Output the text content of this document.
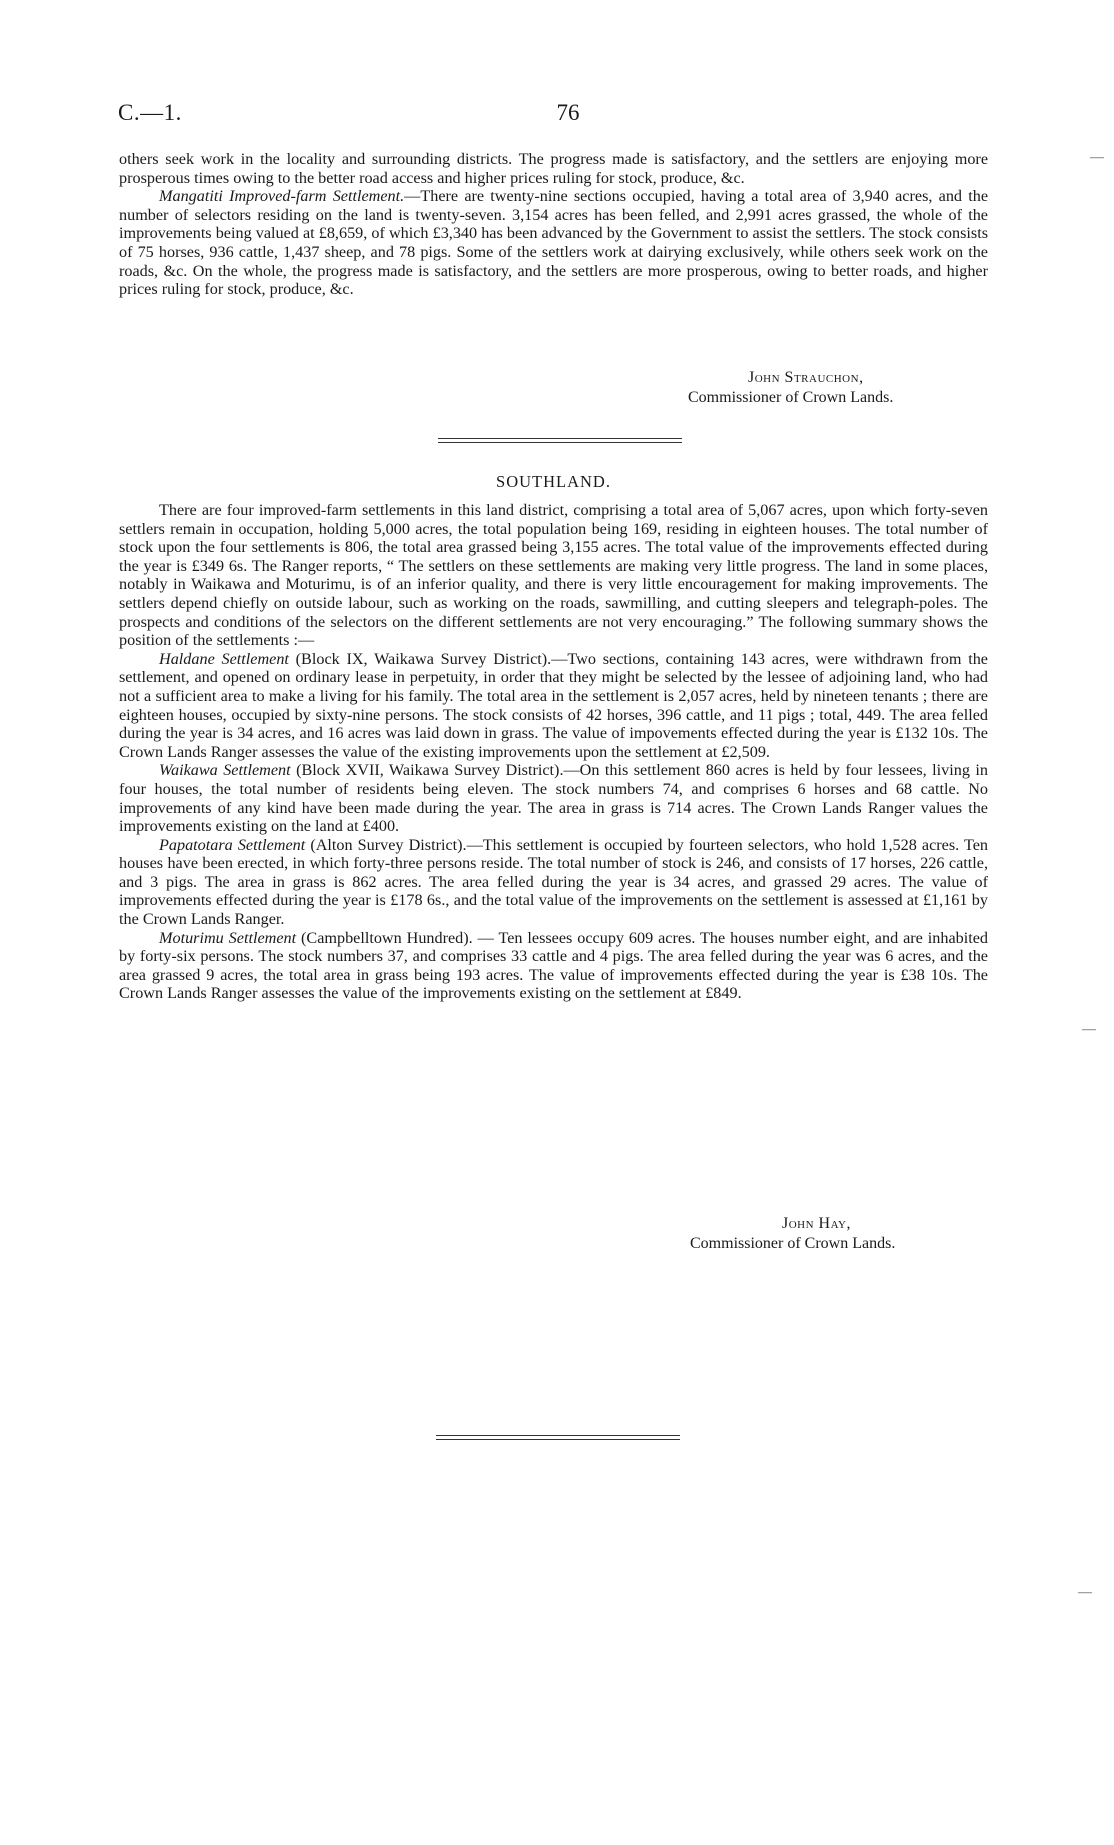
C.—1.	76

others seek work in the locality and surrounding districts. The progress made is satisfactory, and the settlers are enjoying more prosperous times owing to the better road access and higher prices ruling for stock, produce, &c.

Mangatiti Improved-farm Settlement.—There are twenty-nine sections occupied, having a total area of 3,940 acres, and the number of selectors residing on the land is twenty-seven. 3,154 acres has been felled, and 2,991 acres grassed, the whole of the improvements being valued at £8,659, of which £3,340 has been advanced by the Government to assist the settlers. The stock consists of 75 horses, 936 cattle, 1,437 sheep, and 78 pigs. Some of the settlers work at dairying exclusively, while others seek work on the roads, &c. On the whole, the progress made is satisfactory, and the settlers are more prosperous, owing to better roads, and higher prices ruling for stock, produce, &c.

John Strauchon,
Commissioner of Crown Lands.
SOUTHLAND.

There are four improved-farm settlements in this land district, comprising a total area of 5,067 acres, upon which forty-seven settlers remain in occupation, holding 5,000 acres, the total population being 169, residing in eighteen houses. The total number of stock upon the four settlements is 806, the total area grassed being 3,155 acres. The total value of the improvements effected during the year is £349 6s. The Ranger reports, “ The settlers on these settlements are making very little progress. The land in some places, notably in Waikawa and Moturimu, is of an inferior quality, and there is very little encouragement for making improvements. The settlers depend chiefly on outside labour, such as working on the roads, sawmilling, and cutting sleepers and telegraph-poles. The prospects and conditions of the selectors on the different settlements are not very encouraging.” The following summary shows the position of the settlements :—

Haldane Settlement (Block IX, Waikawa Survey District).—Two sections, containing 143 acres, were withdrawn from the settlement, and opened on ordinary lease in perpetuity, in order that they might be selected by the lessee of adjoining land, who had not a sufficient area to make a living for his family. The total area in the settlement is 2,057 acres, held by nineteen tenants ; there are eighteen houses, occupied by sixty-nine persons. The stock consists of 42 horses, 396 cattle, and 11 pigs ; total, 449. The area felled during the year is 34 acres, and 16 acres was laid down in grass. The value of impovements effected during the year is £132 10s. The Crown Lands Ranger assesses the value of the existing improvements upon the settlement at £2,509.

Waikawa Settlement (Block XVII, Waikawa Survey District).—On this settlement 860 acres is held by four lessees, living in four houses, the total number of residents being eleven. The stock numbers 74, and comprises 6 horses and 68 cattle. No improvements of any kind have been made during the year. The area in grass is 714 acres. The Crown Lands Ranger values the improvements existing on the land at £400.

Papatotara Settlement (Alton Survey District).—This settlement is occupied by fourteen selectors, who hold 1,528 acres. Ten houses have been erected, in which forty-three persons reside. The total number of stock is 246, and consists of 17 horses, 226 cattle, and 3 pigs. The area in grass is 862 acres. The area felled during the year is 34 acres, and grassed 29 acres. The value of improvements effected during the year is £178 6s., and the total value of the improvements on the settlement is assessed at £1,161 by the Crown Lands Ranger.

Moturimu Settlement (Campbelltown Hundred). — Ten lessees occupy 609 acres. The houses number eight, and are inhabited by forty-six persons. The stock numbers 37, and comprises 33 cattle and 4 pigs. The area felled during the year was 6 acres, and the area grassed 9 acres, the total area in grass being 193 acres. The value of improvements effected during the year is £38 10s. The Crown Lands Ranger assesses the value of the improvements existing on the settlement at £849.

John Hay,
Commissioner of Crown Lands.
—
—
—
